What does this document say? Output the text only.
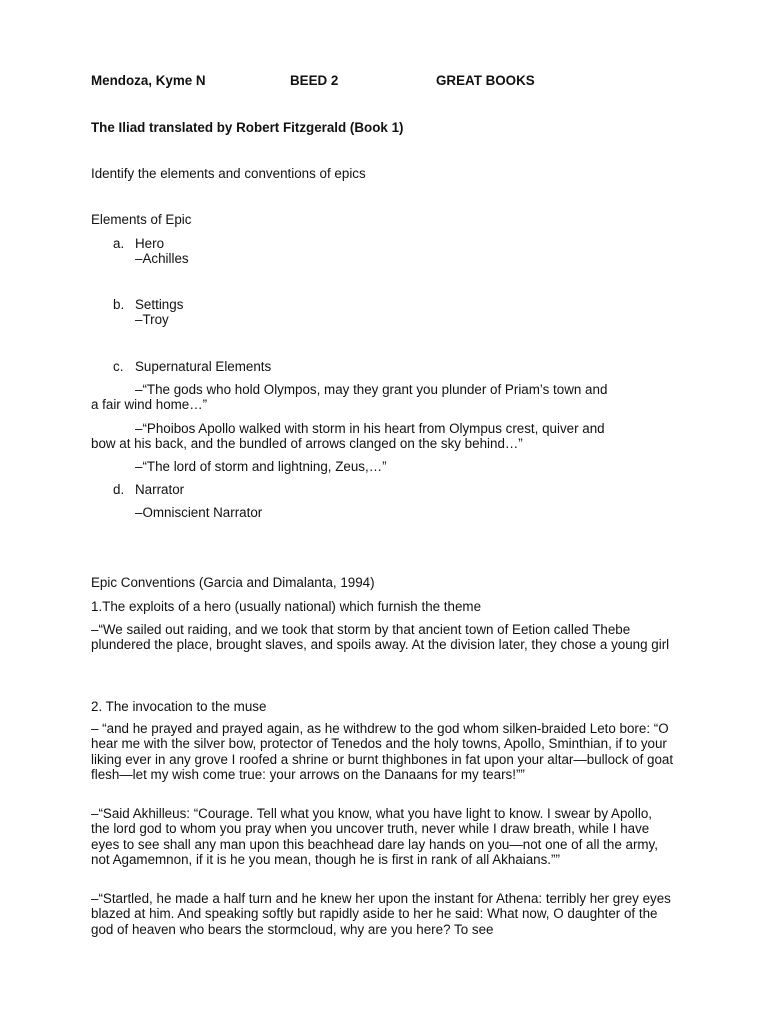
Mendoza, Kyme N	BEED 2	GREAT BOOKS

The Iliad translated by Robert Fitzgerald (Book 1)

Identify the elements and conventions of epics

Elements of Epic

a. Hero

–Achilles

b. Settings

–Troy

c. Supernatural Elements

–“The gods who hold Olympos, may they grant you plunder of Priam’s town and

a fair wind home…”

–“Phoibos Apollo walked with storm in his heart from Olympus crest, quiver and

bow at his back, and the bundled of arrows clanged on the sky behind…”

–“The lord of storm and lightning, Zeus,…”

d. Narrator

–Omniscient Narrator

Epic Conventions (Garcia and Dimalanta, 1994)

1.The exploits of a hero (usually national) which furnish the theme

–“We sailed out raiding, and we took that storm by that ancient town of Eetion called Thebe plundered the place, brought slaves, and spoils away. At the division later, they chose a young girl

2. The invocation to the muse

– “and he prayed and prayed again, as he withdrew to the god whom silken-braided Leto bore: “O hear me with the silver bow, protector of Tenedos and the holy towns, Apollo, Sminthian, if to your liking ever in any grove I roofed a shrine or burnt thighbones in fat upon your altar—bullock of goat flesh—let my wish come true: your arrows on the Danaans for my tears!””

–“Said Akhilleus: “Courage. Tell what you know, what you have light to know. I swear by Apollo, the lord god to whom you pray when you uncover truth, never while I draw breath, while I have eyes to see shall any man upon this beachhead dare lay hands on you—not one of all the army, not Agamemnon, if it is he you mean, though he is first in rank of all Akhaians.””

–“Startled, he made a half turn and he knew her upon the instant for Athena: terribly her grey eyes blazed at him. And speaking softly but rapidly aside to her he said: What now, O daughter of the god of heaven who bears the stormcloud, why are you here? To see
